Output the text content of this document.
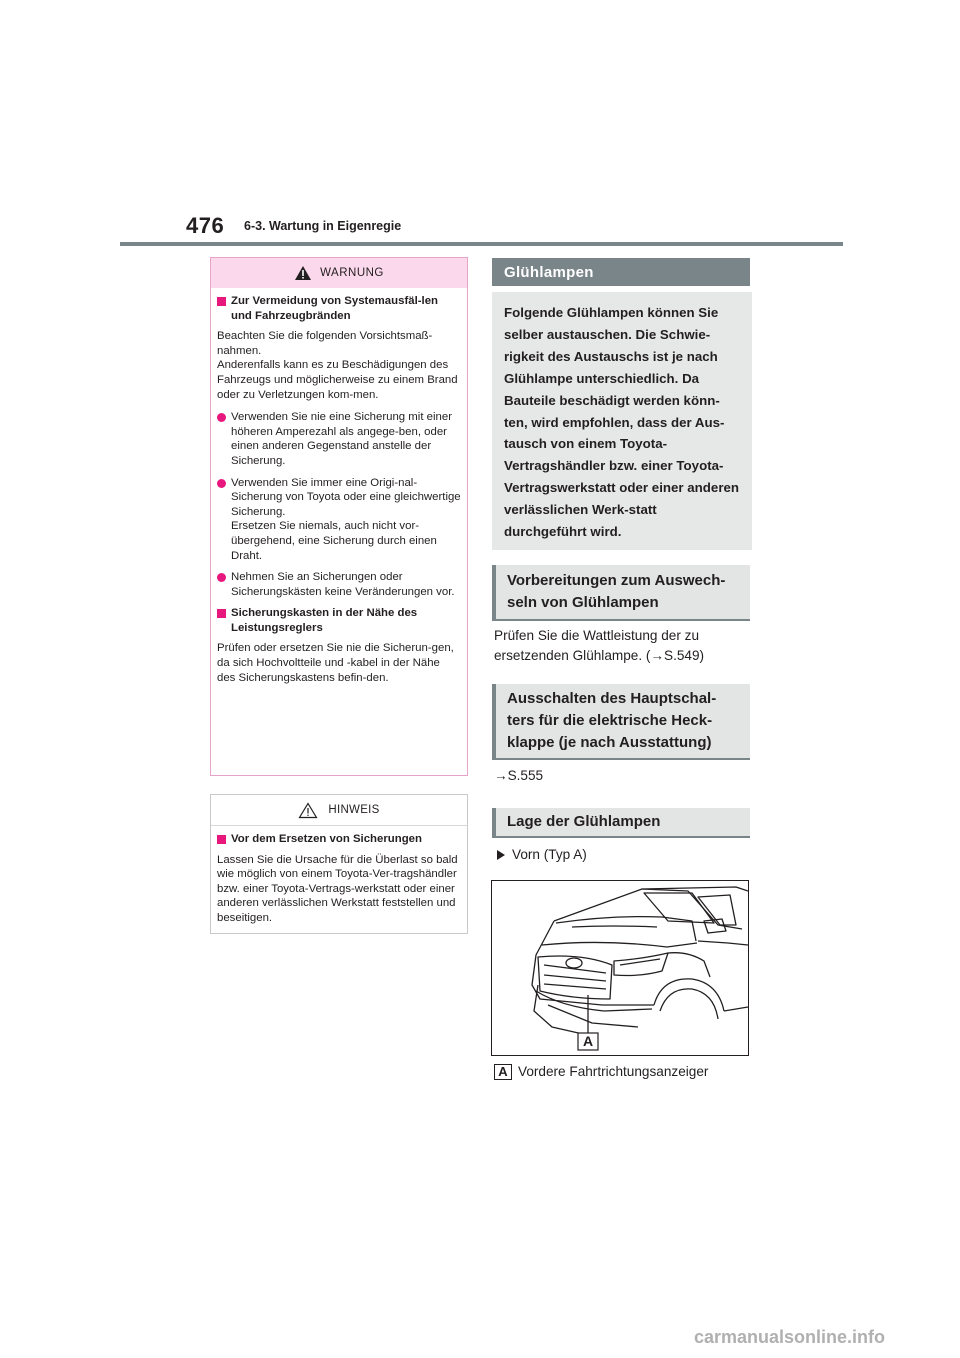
476 6-3. Wartung in Eigenregie
WARNUNG
Zur Vermeidung von Systemausfäl-len und Fahrzeugbränden
Beachten Sie die folgenden Vorsichtsmaß-nahmen.
Anderenfalls kann es zu Beschädigungen des Fahrzeugs und möglicherweise zu einem Brand oder zu Verletzungen kom-men.
Verwenden Sie nie eine Sicherung mit einer höheren Amperezahl als angege-ben, oder einen anderen Gegenstand anstelle der Sicherung.
Verwenden Sie immer eine Origi-nal-Sicherung von Toyota oder eine gleichwertige Sicherung.
Ersetzen Sie niemals, auch nicht vor-übergehend, eine Sicherung durch einen Draht.
Nehmen Sie an Sicherungen oder Sicherungskästen keine Veränderungen vor.
Sicherungskasten in der Nähe des Leistungsreglers
Prüfen oder ersetzen Sie nie die Sicherun-gen, da sich Hochvoltteile und -kabel in der Nähe des Sicherungskastens befin-den.
HINWEIS
Vor dem Ersetzen von Sicherungen
Lassen Sie die Ursache für die Überlast so bald wie möglich von einem Toyota-Ver-tragshändler bzw. einer Toyota-Vertrags-werkstatt oder einer anderen verlässlichen Werkstatt feststellen und beseitigen.
Glühlampen
Folgende Glühlampen können Sie selber austauschen. Die Schwie-rigkeit des Austauschs ist je nach Glühlampe unterschiedlich. Da Bauteile beschädigt werden könn-ten, wird empfohlen, dass der Aus-tausch von einem Toyota-Vertragshändler bzw. einer Toyota-Vertragswerkstatt oder einer anderen verlässlichen Werk-statt durchgeführt wird.
Vorbereitungen zum Auswech-seln von Glühlampen
Prüfen Sie die Wattleistung der zu
ersetzenden Glühlampe. (→S.549)
Ausschalten des Hauptschal-ters für die elektrische Heck-klappe (je nach Ausstattung)
→S.555
Lage der Glühlampen
Vorn (Typ A)
A
A Vordere Fahrtrichtungsanzeiger
carmanualsonline.info
